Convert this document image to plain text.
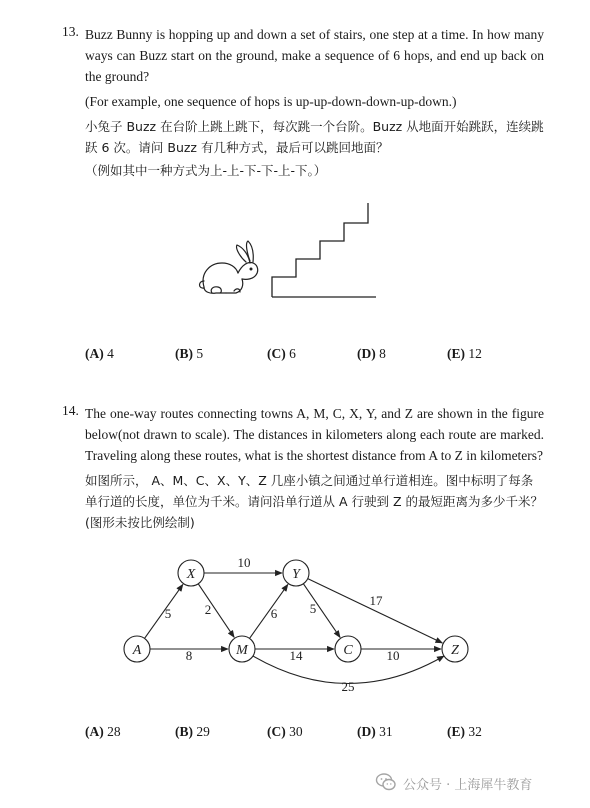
13. Buzz Bunny is hopping up and down a set of stairs, one step at a time. In how many ways can Buzz start on the ground, make a sequence of 6 hops, and end up back on the ground?

(For example, one sequence of hops is up-up-down-down-up-down.)

小兔子 Buzz 在台阶上跳上跳下，每次跳一个台阶。Buzz 从地面开始跳跃，连续跳跃 6 次。请问 Buzz 有几种方式，最后可以跳回地面？

（例如其中一种方式为上-上-下-下-上-下。）

(A) 4	(B) 5	(C) 6	(D) 8	(E) 12
14. The one-way routes connecting towns A, M, C, X, Y, and Z are shown in the figure below(not drawn to scale). The distances in kilometers along each route are marked. Traveling along these routes, what is the shortest distance from A to Z in kilometers?

如图所示， A、M、C、X、Y、Z 几座小镇之间通过单行道相连。图中标明了每条单行道的长度，单位为千米。请问沿单行道从 A 行驶到 Z 的最短距离为多少千米？(图形未按比例绘制)

5
10
2
8
6	5
17
14	10
25
A
X
M
Y
C	Z
(A) 28	(B) 29	(C) 30	(D) 31	(E) 32
公众号 · 上海犀牛教育
